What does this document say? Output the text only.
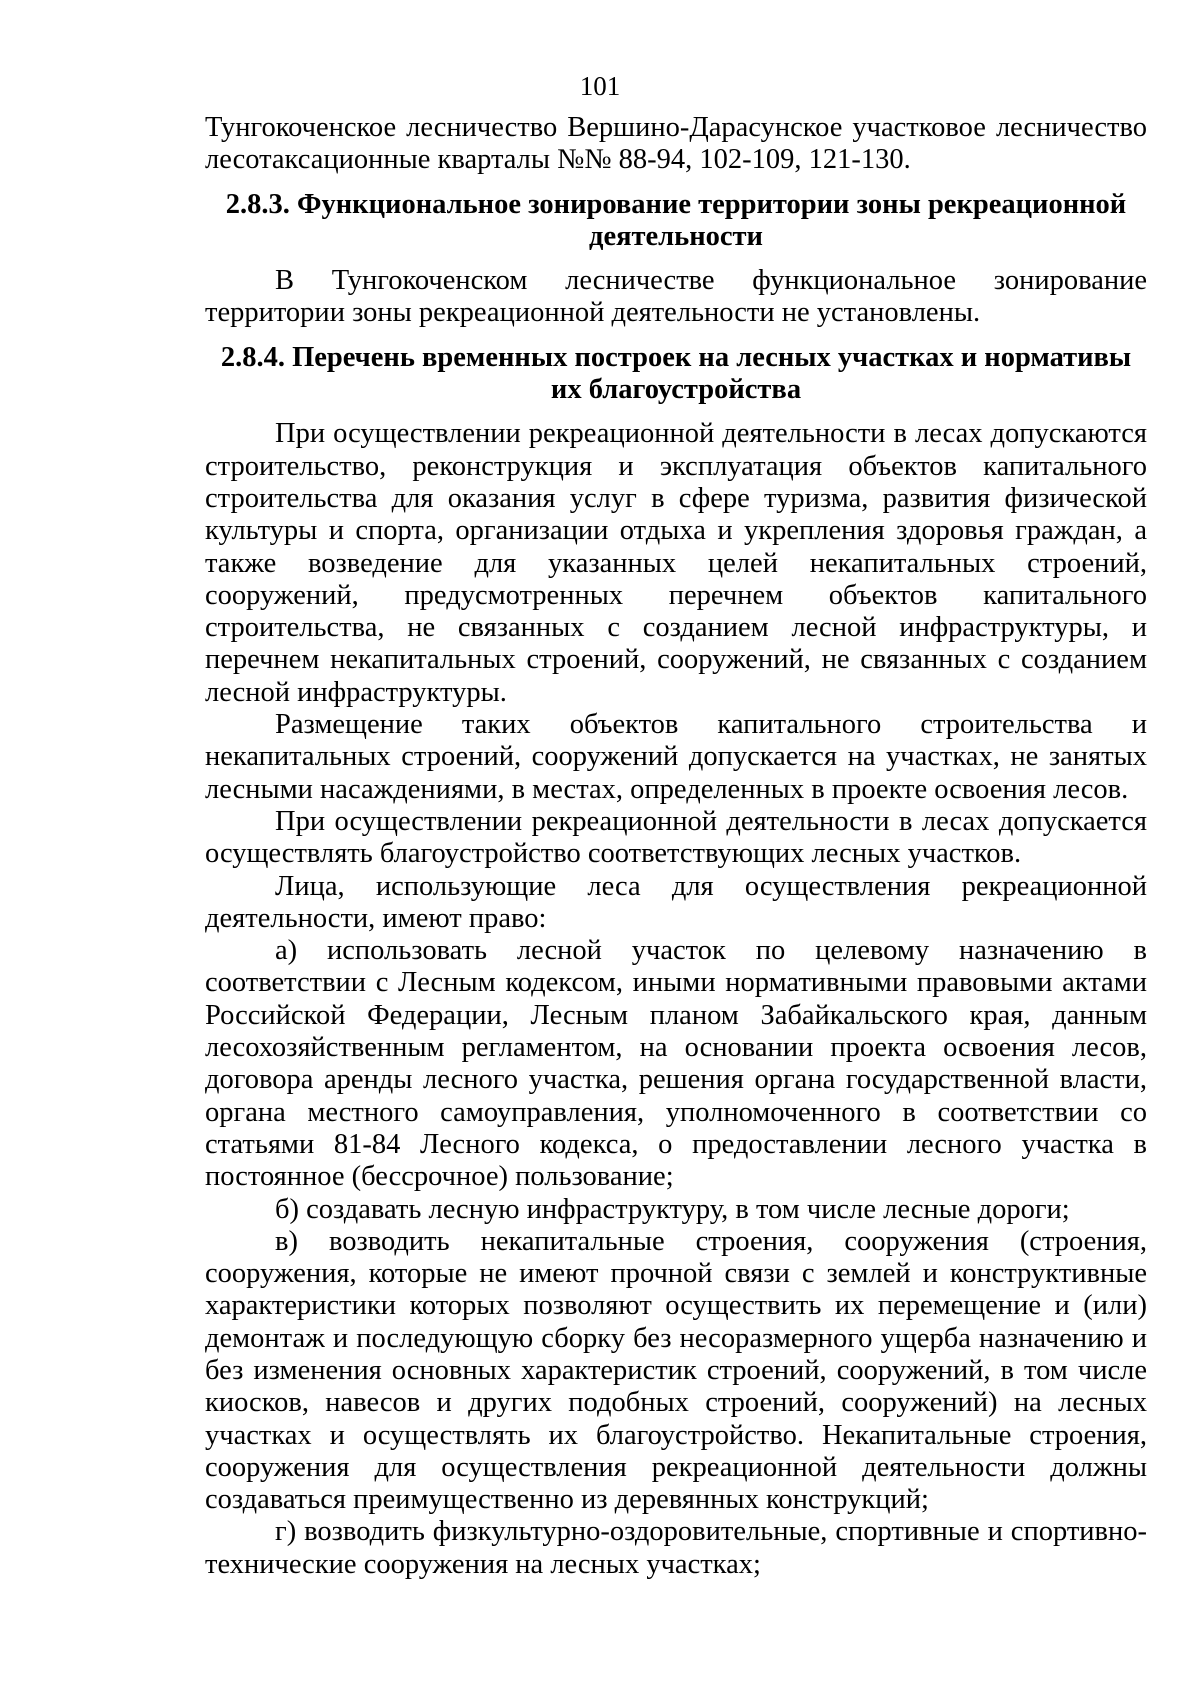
101

Тунгокоченское лесничество Вершино-Дарасунское участковое лесничество лесотаксационные кварталы №№ 88-94, 102-109, 121-130.

2.8.3. Функциональное зонирование территории зоны рекреационной деятельности

В Тунгокоченском лесничестве функциональное зонирование территории зоны рекреационной деятельности не установлены.

2.8.4. Перечень временных построек на лесных участках и нормативы их благоустройства

При осуществлении рекреационной деятельности в лесах допускаются строительство, реконструкция и эксплуатация объектов капитального строительства для оказания услуг в сфере туризма, развития физической культуры и спорта, организации отдыха и укрепления здоровья граждан, а также возведение для указанных целей некапитальных строений, сооружений, предусмотренных перечнем объектов капитального строительства, не связанных с созданием лесной инфраструктуры, и перечнем некапитальных строений, сооружений, не связанных с созданием лесной инфраструктуры.

Размещение таких объектов капитального строительства и некапитальных строений, сооружений допускается на участках, не занятых лесными насаждениями, в местах, определенных в проекте освоения лесов.

При осуществлении рекреационной деятельности в лесах допускается осуществлять благоустройство соответствующих лесных участков.

Лица, использующие леса для осуществления рекреационной деятельности, имеют право:

а) использовать лесной участок по целевому назначению в соответствии с Лесным кодексом, иными нормативными правовыми актами Российской Федерации, Лесным планом Забайкальского края, данным лесохозяйственным регламентом, на основании проекта освоения лесов, договора аренды лесного участка, решения органа государственной власти, органа местного самоуправления, уполномоченного в соответствии со статьями 81-84 Лесного кодекса, о предоставлении лесного участка в постоянное (бессрочное) пользование;

б) создавать лесную инфраструктуру, в том числе лесные дороги;

в) возводить некапитальные строения, сооружения (строения, сооружения, которые не имеют прочной связи с землей и конструктивные характеристики которых позволяют осуществить их перемещение и (или) демонтаж и последующую сборку без несоразмерного ущерба назначению и без изменения основных характеристик строений, сооружений, в том числе киосков, навесов и других подобных строений, сооружений) на лесных участках и осуществлять их благоустройство. Некапитальные строения, сооружения для осуществления рекреационной деятельности должны создаваться преимущественно из деревянных конструкций;

г) возводить физкультурно-оздоровительные, спортивные и спортивно-технические сооружения на лесных участках;
